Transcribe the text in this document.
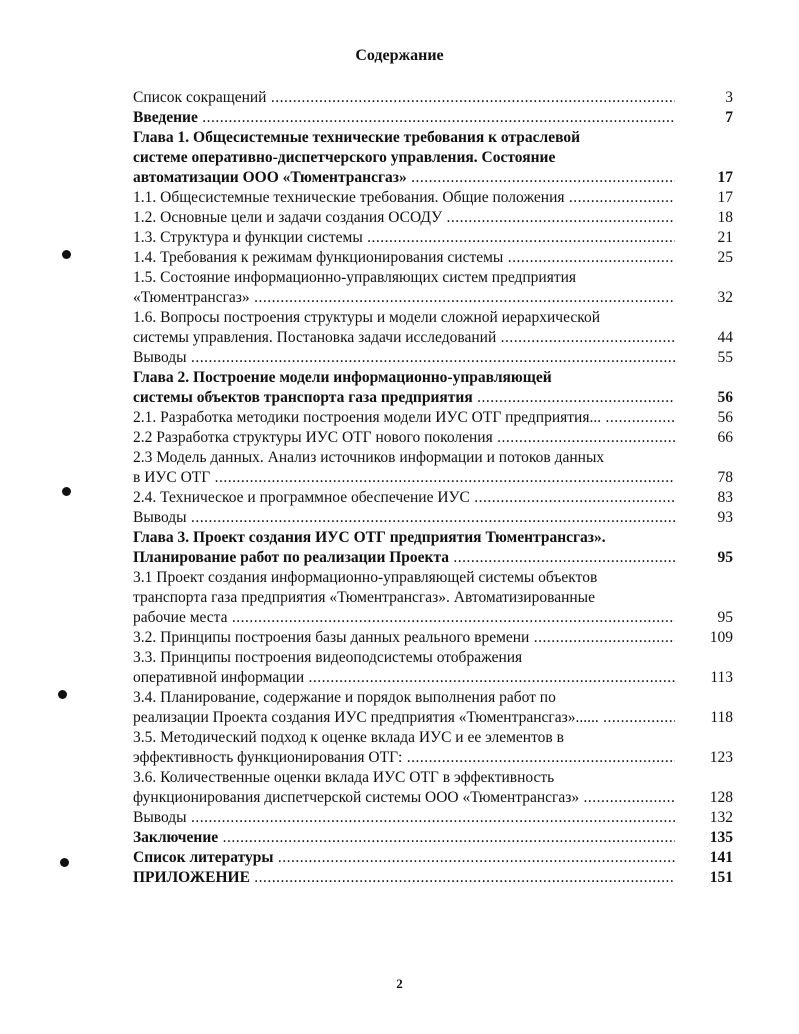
Содержание
Список сокращений .....	3
Введение .....	7
Глава 1. Общесистемные технические требования к отраслевой
системе оперативно-диспетчерского управления. Состояние
автоматизации ООО «Тюментрансгаз» .....	17
1.1. Общесистемные технические требования. Общие положения .....	17
1.2. Основные цели и задачи создания ОСОДУ .....	18
1.3. Структура и функции системы .....	21
1.4. Требования к режимам функционирования системы .....	25
1.5. Состояние информационно-управляющих систем предприятия
«Тюментрансгаз» .....	32
1.6. Вопросы построения структуры и модели сложной иерархической
системы управления. Постановка задачи исследований .....	44
Выводы .....	55
Глава 2. Построение модели информационно-управляющей
системы объектов транспорта газа предприятия .....	56
2.1. Разработка методики построения модели ИУС ОТГ предприятия... .....	56
2.2 Разработка структуры ИУС ОТГ нового поколения .....	66
2.3 Модель данных. Анализ источников информации и потоков данных
в ИУС ОТГ .....	78
2.4. Техническое и программное обеспечение ИУС .....	83
Выводы .....	93
Глава 3. Проект создания ИУС ОТГ предприятия Тюментрансгаз».
Планирование работ по реализации Проекта .....	95
3.1 Проект создания информационно-управляющей системы объектов
транспорта газа предприятия «Тюментрансгаз». Автоматизированные
рабочие места .....	95
3.2. Принципы построения базы данных реального времени .....	109
3.3. Принципы построения видеоподсистемы отображения
оперативной информации .....	113
3.4. Планирование, содержание и порядок выполнения работ по
реализации Проекта создания ИУС предприятия «Тюментрансгаз»...... .....	118
3.5. Методический подход к оценке вклада ИУС и ее элементов в
эффективность функционирования ОТГ: .....	123
3.6. Количественные оценки вклада ИУС ОТГ в эффективность
функционирования диспетчерской системы ООО «Тюментрансгаз» .....	128
Выводы .....	132
Заключение .....	135
Список литературы .....	141
ПРИЛОЖЕНИЕ .....	151
2
